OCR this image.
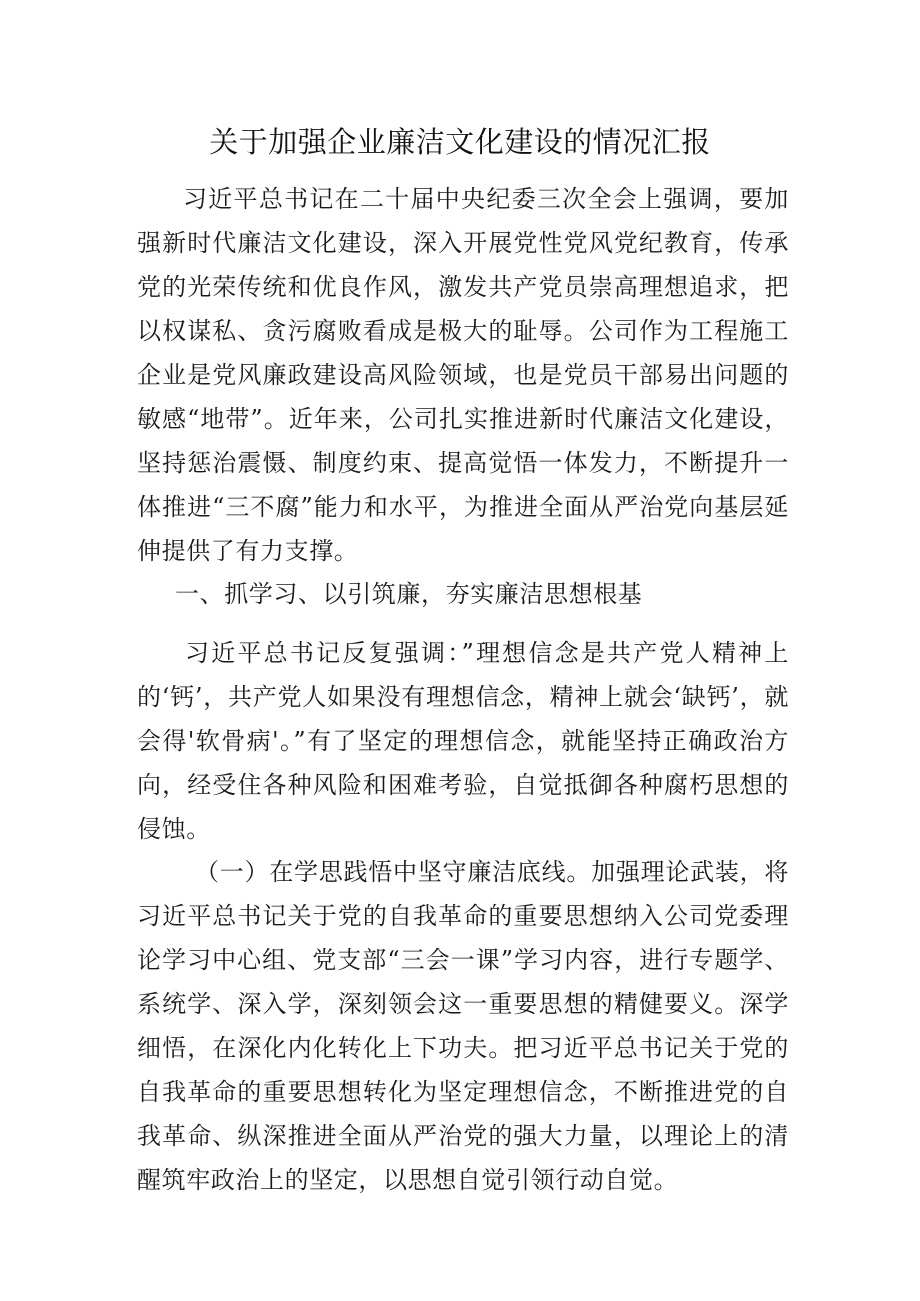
关于加强企业廉洁文化建设的情况汇报

习近平总书记在二十届中央纪委三次全会上强调，要加强新时代廉洁文化建设，深入开展党性党风党纪教育，传承党的光荣传统和优良作风，激发共产党员崇高理想追求，把以权谋私、贪污腐败看成是极大的耻辱。公司作为工程施工企业是党风廉政建设高风险领域，也是党员干部易出问题的敏感“地带”。近年来，公司扎实推进新时代廉洁文化建设，坚持惩治震慑、制度约束、提高觉悟一体发力，不断提升一体推进“三不腐”能力和水平，为推进全面从严治党向基层延伸提供了有力支撑。

一、抓学习、以引筑廉，夯实廉洁思想根基

习近平总书记反复强调：”理想信念是共产党人精神上的‘钙’，共产党人如果没有理想信念，精神上就会‘缺钙’，就会得'软骨病'。”有了坚定的理想信念，就能坚持正确政治方向，经受住各种风险和困难考验，自觉抵御各种腐朽思想的侵蚀。

（一）在学思践悟中坚守廉洁底线。加强理论武装，将习近平总书记关于党的自我革命的重要思想纳入公司党委理论学习中心组、党支部“三会一课”学习内容，进行专题学、系统学、深入学，深刻领会这一重要思想的精健要义。深学细悟，在深化内化转化上下功夫。把习近平总书记关于党的自我革命的重要思想转化为坚定理想信念，不断推进党的自我革命、纵深推进全面从严治党的强大力量，以理论上的清醒筑牢政治上的坚定，以思想自觉引领行动自觉。
